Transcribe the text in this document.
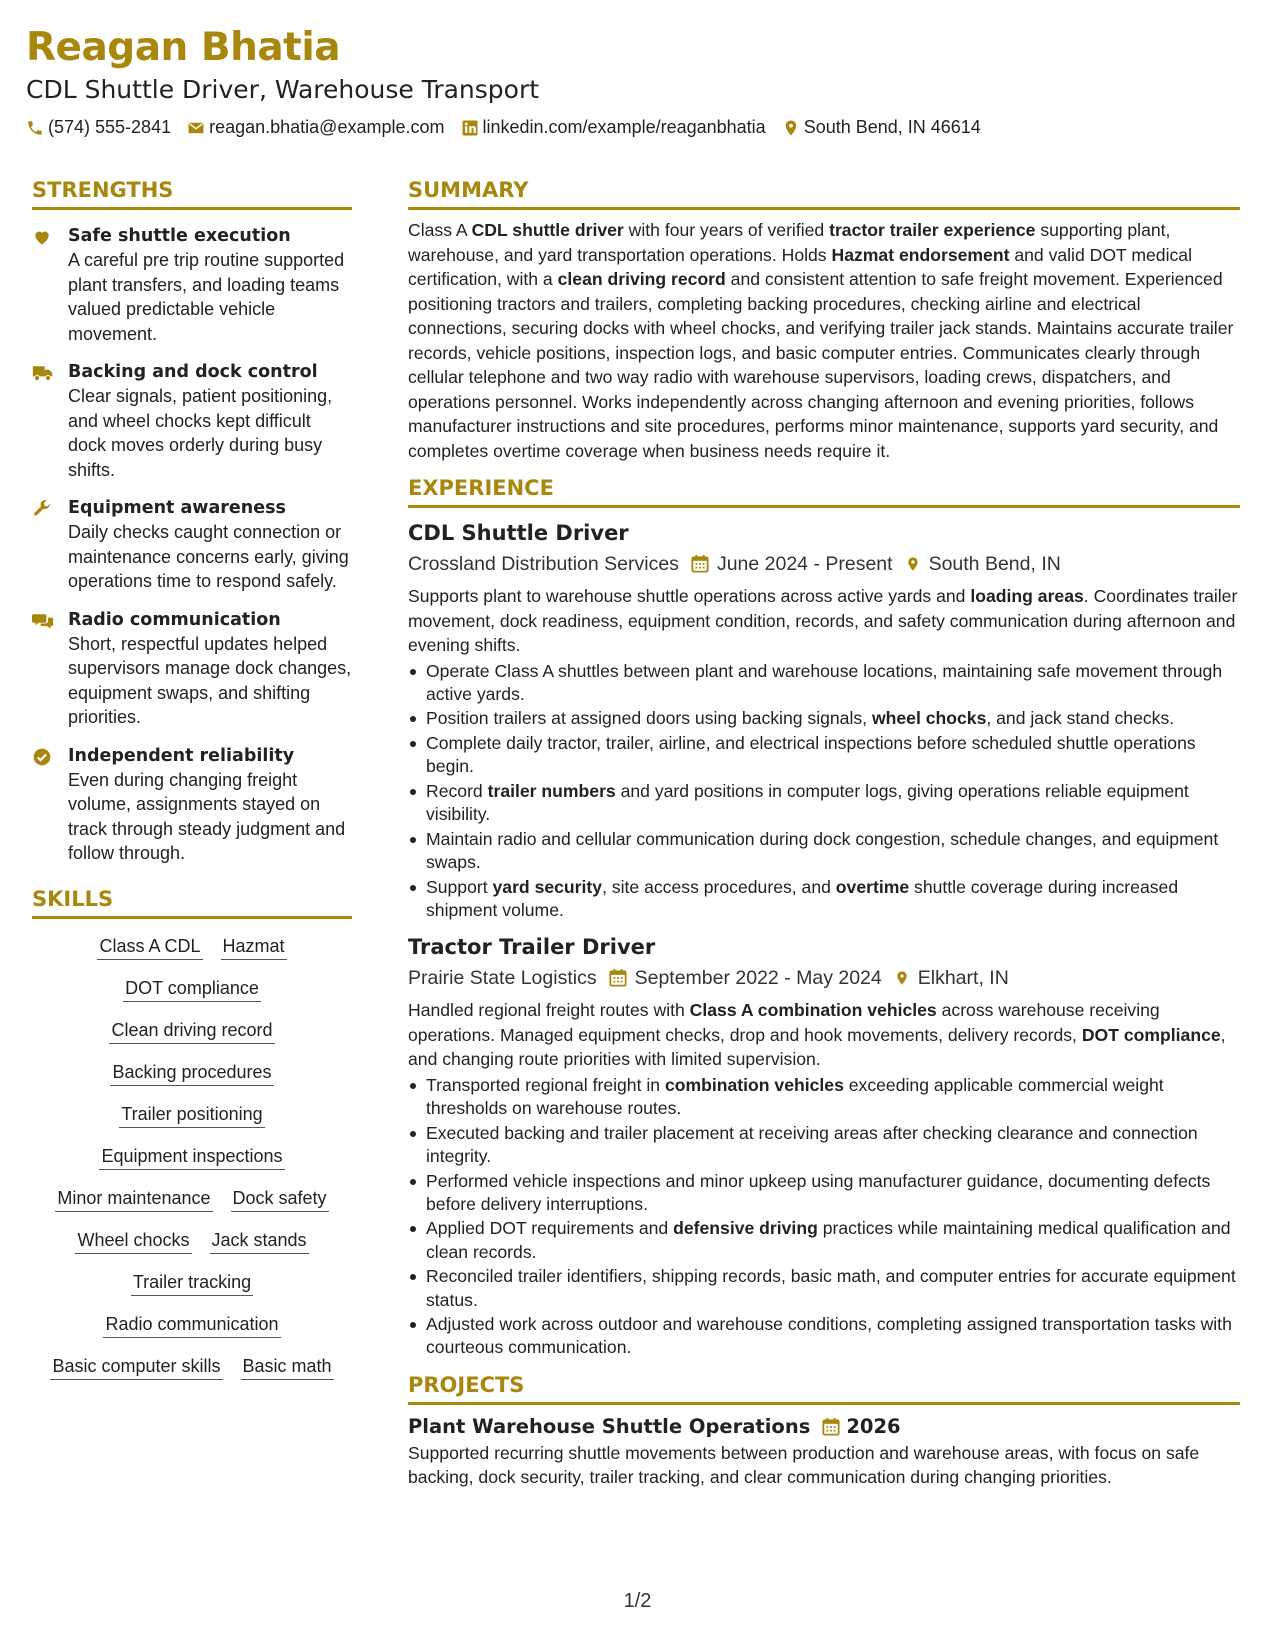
Reagan Bhatia
CDL Shuttle Driver, Warehouse Transport
(574) 555-2841 reagan.bhatia@example.com linkedin.com/example/reaganbhatia South Bend, IN 46614
STRENGTHS
Safe shuttle execution
A careful pre trip routine supported plant transfers, and loading teams valued predictable vehicle movement.
Backing and dock control
Clear signals, patient positioning, and wheel chocks kept difficult dock moves orderly during busy shifts.
Equipment awareness
Daily checks caught connection or maintenance concerns early, giving operations time to respond safely.
Radio communication
Short, respectful updates helped supervisors manage dock changes, equipment swaps, and shifting priorities.
Independent reliability
Even during changing freight volume, assignments stayed on track through steady judgment and follow through.
SKILLS
Class A CDL Hazmat
DOT compliance
Clean driving record
Backing procedures
Trailer positioning
Equipment inspections
Minor maintenance Dock safety
Wheel chocks Jack stands
Trailer tracking
Radio communication
Basic computer skills Basic math
SUMMARY

Class A CDL shuttle driver with four years of verified tractor trailer experience supporting plant, warehouse, and yard transportation operations. Holds Hazmat endorsement and valid DOT medical certification, with a clean driving record and consistent attention to safe freight movement. Experienced positioning tractors and trailers, completing backing procedures, checking airline and electrical connections, securing docks with wheel chocks, and verifying trailer jack stands. Maintains accurate trailer records, vehicle positions, inspection logs, and basic computer entries. Communicates clearly through cellular telephone and two way radio with warehouse supervisors, loading crews, dispatchers, and operations personnel. Works independently across changing afternoon and evening priorities, follows manufacturer instructions and site procedures, performs minor maintenance, supports yard security, and completes overtime coverage when business needs require it.

EXPERIENCE
CDL Shuttle Driver
Crossland Distribution Services June 2024 - Present South Bend, IN

Supports plant to warehouse shuttle operations across active yards and loading areas. Coordinates trailer movement, dock readiness, equipment condition, records, and safety communication during afternoon and evening shifts.

Operate Class A shuttles between plant and warehouse locations, maintaining safe movement through active yards.
Position trailers at assigned doors using backing signals, wheel chocks, and jack stand checks.
Complete daily tractor, trailer, airline, and electrical inspections before scheduled shuttle operations begin.
Record trailer numbers and yard positions in computer logs, giving operations reliable equipment visibility.
Maintain radio and cellular communication during dock congestion, schedule changes, and equipment swaps.
Support yard security, site access procedures, and overtime shuttle coverage during increased shipment volume.
Tractor Trailer Driver
Prairie State Logistics September 2022 - May 2024 Elkhart, IN

Handled regional freight routes with Class A combination vehicles across warehouse receiving operations. Managed equipment checks, drop and hook movements, delivery records, DOT compliance, and changing route priorities with limited supervision.

Transported regional freight in combination vehicles exceeding applicable commercial weight thresholds on warehouse routes.
Executed backing and trailer placement at receiving areas after checking clearance and connection integrity.
Performed vehicle inspections and minor upkeep using manufacturer guidance, documenting defects before delivery interruptions.
Applied DOT requirements and defensive driving practices while maintaining medical qualification and clean records.
Reconciled trailer identifiers, shipping records, basic math, and computer entries for accurate equipment status.
Adjusted work across outdoor and warehouse conditions, completing assigned transportation tasks with courteous communication.
PROJECTS
Plant Warehouse Shuttle Operations 2026

Supported recurring shuttle movements between production and warehouse areas, with focus on safe backing, dock security, trailer tracking, and clear communication during changing priorities.

1/2
